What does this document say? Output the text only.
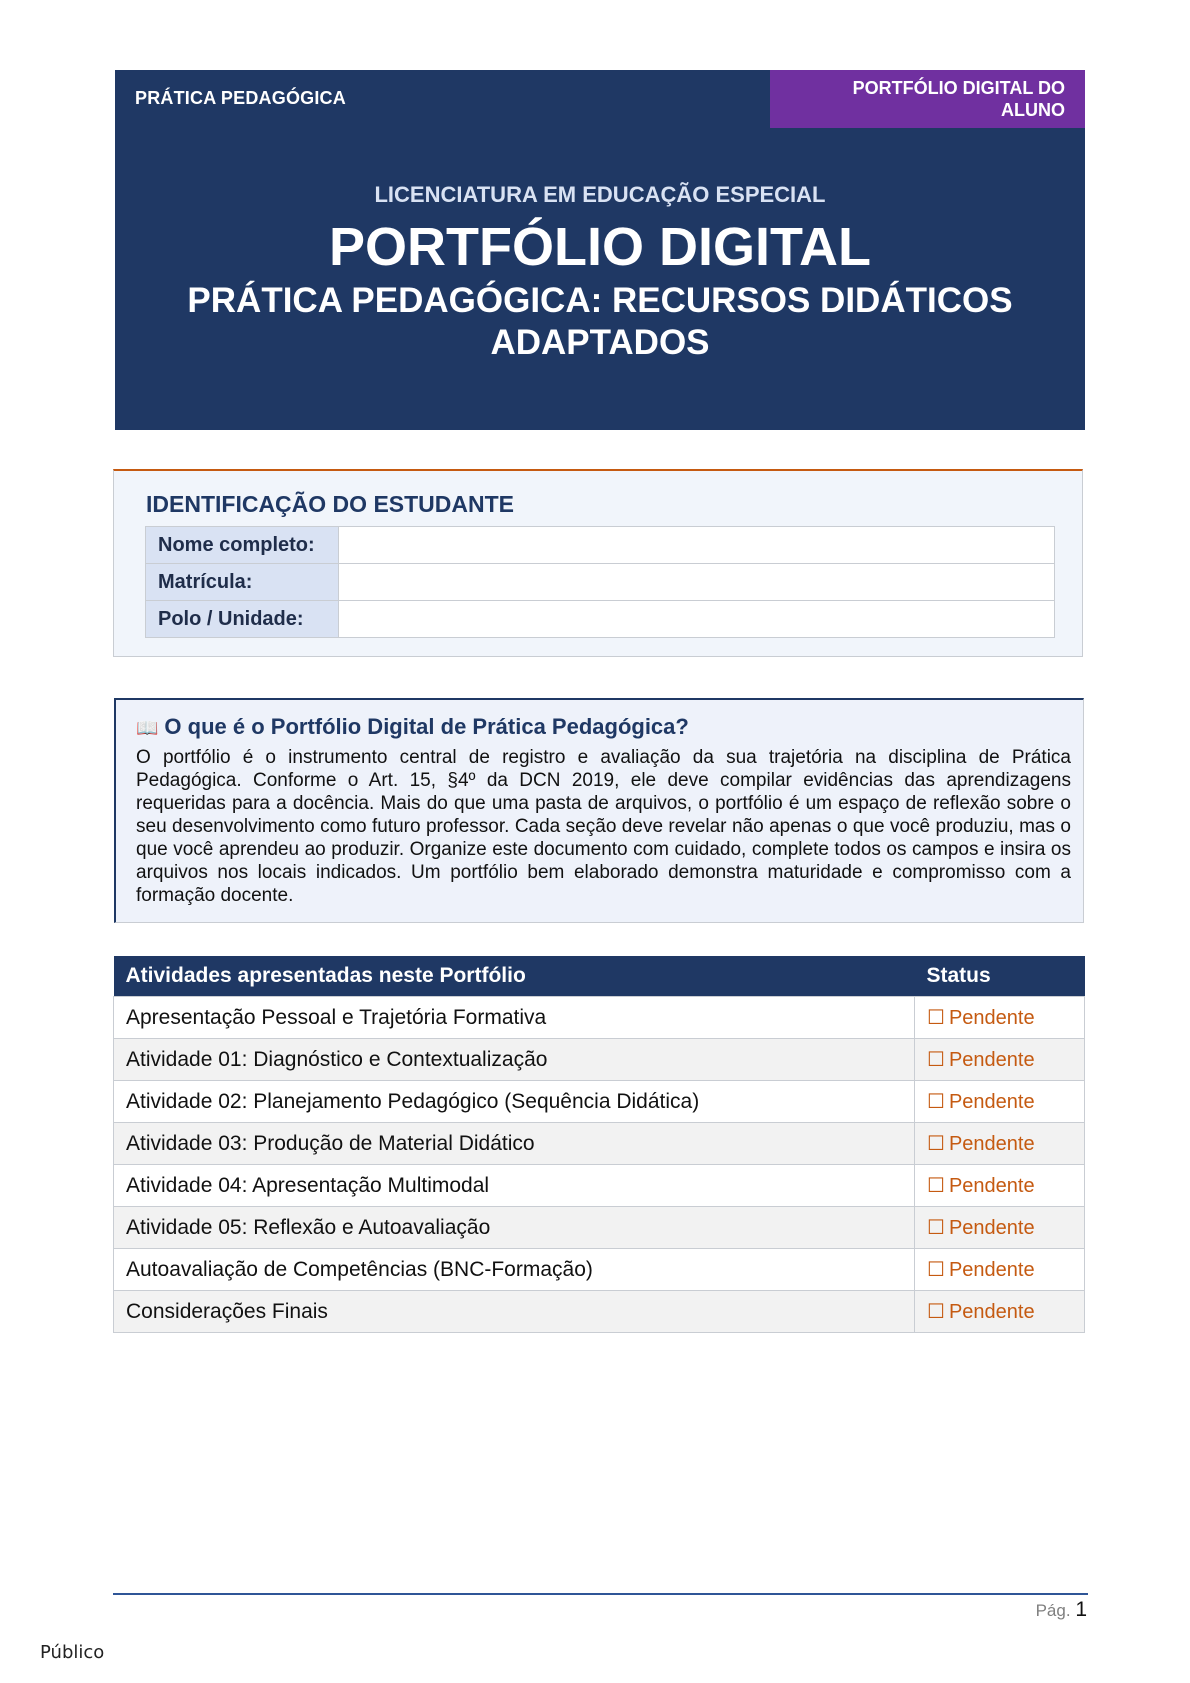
PRÁTICA PEDAGÓGICA	PORTFÓLIO DIGITAL DO
ALUNO
LICENCIATURA EM EDUCAÇÃO ESPECIAL
PORTFÓLIO DIGITAL
PRÁTICA PEDAGÓGICA: RECURSOS DIDÁTICOS
ADAPTADOS
IDENTIFICAÇÃO DO ESTUDANTE
Nome completo:	
Matrícula:	
Polo / Unidade:	
📖 O que é o Portfólio Digital de Prática Pedagógica?
O portfólio é o instrumento central de registro e avaliação da sua trajetória na disciplina de Prática Pedagógica. Conforme o Art. 15, §4º da DCN 2019, ele deve compilar evidências das aprendizagens requeridas para a docência. Mais do que uma pasta de arquivos, o portfólio é um espaço de reflexão sobre o seu desenvolvimento como futuro professor. Cada seção deve revelar não apenas o que você produziu, mas o que você aprendeu ao produzir. Organize este documento com cuidado, complete todos os campos e insira os arquivos nos locais indicados. Um portfólio bem elaborado demonstra maturidade e compromisso com a formação docente.
Atividades apresentadas neste Portfólio	Status
Apresentação Pessoal e Trajetória Formativa	☐ Pendente
Atividade 01: Diagnóstico e Contextualização	☐ Pendente
Atividade 02: Planejamento Pedagógico (Sequência Didática)	☐ Pendente
Atividade 03: Produção de Material Didático	☐ Pendente
Atividade 04: Apresentação Multimodal	☐ Pendente
Atividade 05: Reflexão e Autoavaliação	☐ Pendente
Autoavaliação de Competências (BNC-Formação)	☐ Pendente
Considerações Finais	☐ Pendente
Pág. 1
Público
